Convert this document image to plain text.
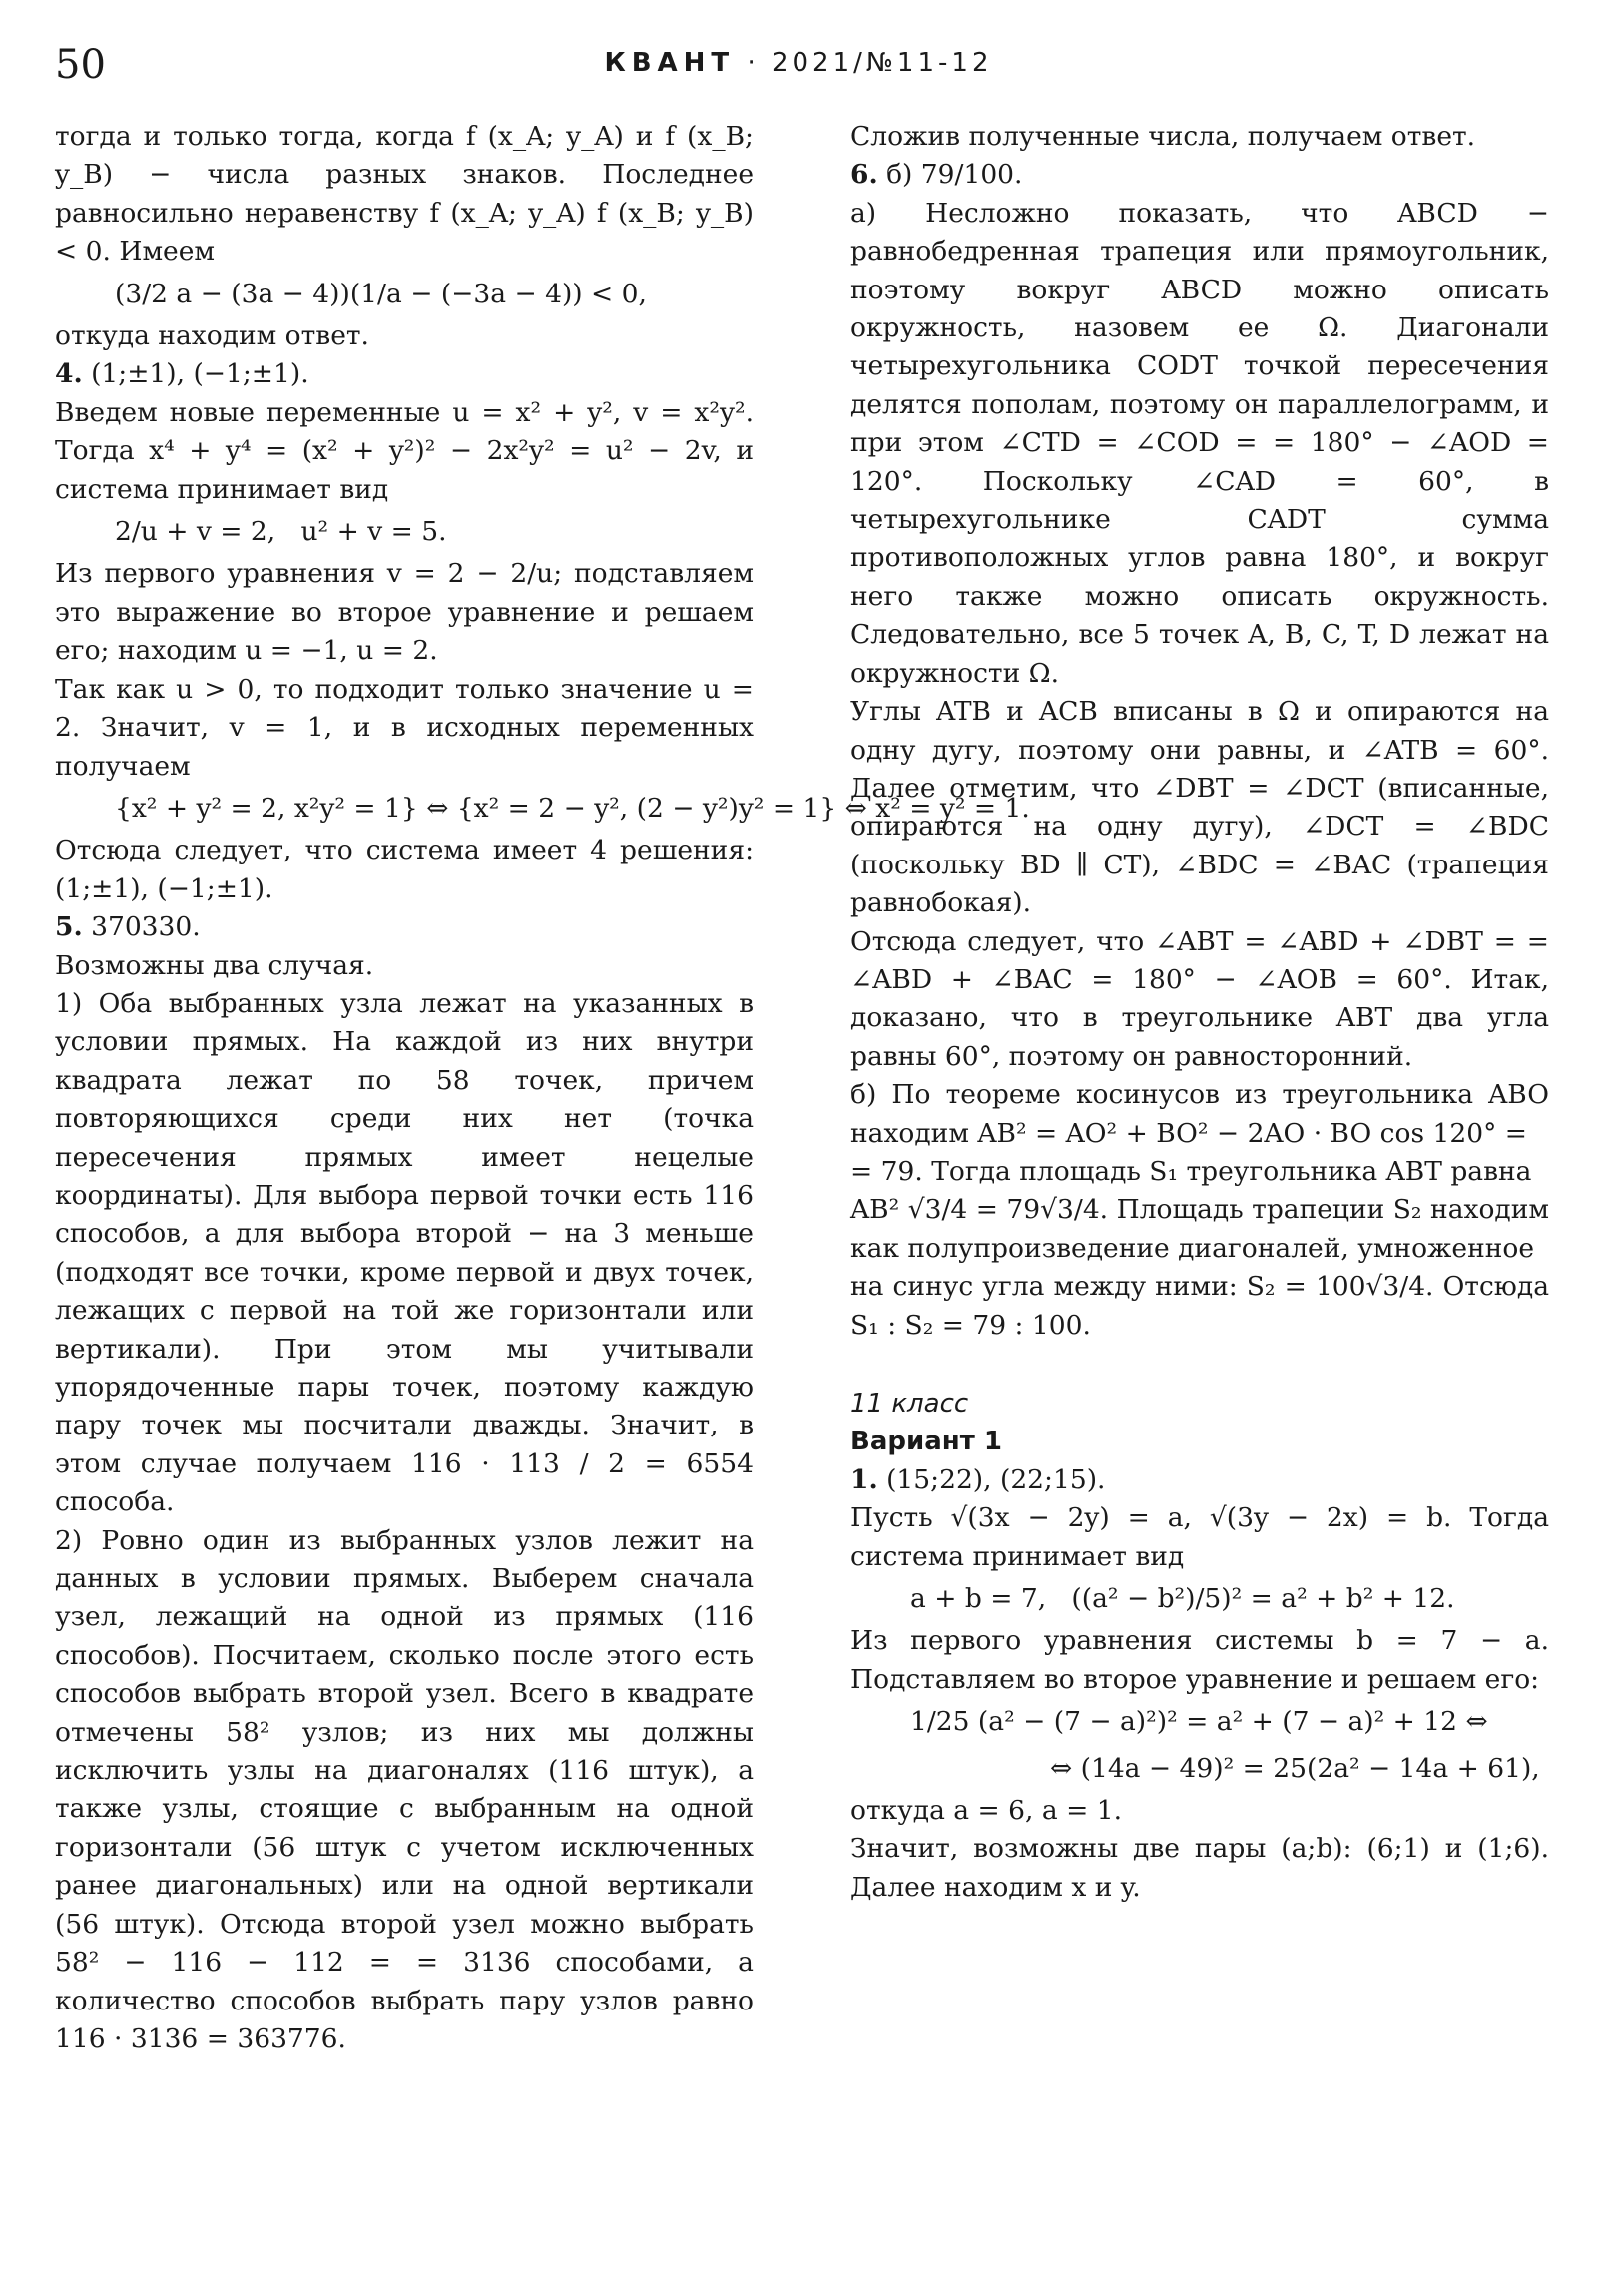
50	КВАНТ · 2021/№11-12

тогда и только тогда, когда f (x_A; y_A) и f (x_B; y_B) − числа разных знаков. Последнее равносильно неравенству f (x_A; y_A) f (x_B; y_B) < 0. Имеем

(3/2 a − (3a − 4))(1/a − (−3a − 4)) < 0,

откуда находим ответ.

4. (1;±1), (−1;±1).

Введем новые переменные u = x² + y², v = x²y². Тогда x⁴ + y⁴ = (x² + y²)² − 2x²y² = u² − 2v, и система принимает вид

2/u + v = 2,   u² + v = 5.

Из первого уравнения v = 2 − 2/u; подставляем это выражение во второе уравнение и решаем его; находим u = −1, u = 2.

Так как u > 0, то подходит только значение u = 2. Значит, v = 1, и в исходных переменных получаем

{x² + y² = 2, x²y² = 1} ⇔ {x² = 2 − y², (2 − y²)y² = 1} ⇔ x² = y² = 1.

Отсюда следует, что система имеет 4 решения: (1;±1), (−1;±1).

5. 370330.

Возможны два случая.

1) Оба выбранных узла лежат на указанных в условии прямых. На каждой из них внутри квадрата лежат по 58 точек, причем повторяющихся среди них нет (точка пересечения прямых имеет нецелые координаты). Для выбора первой точки есть 116 способов, а для выбора второй − на 3 меньше (подходят все точки, кроме первой и двух точек, лежащих с первой на той же горизонтали или вертикали). При этом мы учитывали упорядоченные пары точек, поэтому каждую пару точек мы посчитали дважды. Значит, в этом случае получаем 116 · 113 / 2 = 6554 способа.

2) Ровно один из выбранных узлов лежит на данных в условии прямых. Выберем сначала узел, лежащий на одной из прямых (116 способов). Посчитаем, сколько после этого есть способов выбрать второй узел. Всего в квадрате отмечены 58² узлов; из них мы должны исключить узлы на диагоналях (116 штук), а также узлы, стоящие с выбранным на одной горизонтали (56 штук с учетом исключенных ранее диагональных) или на одной вертикали (56 штук). Отсюда второй узел можно выбрать 58² − 116 − 112 = = 3136 способами, а количество способов выбрать пару узлов равно 116 · 3136 = 363776.

Сложив полученные числа, получаем ответ.

6. б) 79/100.

а) Несложно показать, что ABCD − равнобедренная трапеция или прямоугольник, поэтому вокруг ABCD можно описать окружность, назовем ее Ω. Диагонали четырехугольника CODT точкой пересечения делятся пополам, поэтому он параллелограмм, и при этом ∠CTD = ∠COD = = 180° − ∠AOD = 120°. Поскольку ∠CAD = 60°, в четырехугольнике CADT сумма противоположных углов равна 180°, и вокруг него также можно описать окружность. Следовательно, все 5 точек A, B, C, T, D лежат на окружности Ω.

Углы ATB и ACB вписаны в Ω и опираются на одну дугу, поэтому они равны, и ∠ATB = 60°. Далее отметим, что ∠DBT = ∠DCT (вписанные, опираются на одну дугу), ∠DCT = ∠BDC (поскольку BD ∥ CT), ∠BDC = ∠BAC (трапеция равнобокая).

Отсюда следует, что ∠ABT = ∠ABD + ∠DBT = = ∠ABD + ∠BAC = 180° − ∠AOB = 60°. Итак, доказано, что в треугольнике ABT два угла равны 60°, поэтому он равносторонний.

б) По теореме косинусов из треугольника ABO находим AB² = AO² + BO² − 2AO · BO cos 120° =

= 79. Тогда площадь S₁ треугольника ABT равна

AB² √3/4 = 79√3/4. Площадь трапеции S₂ находим как полупроизведение диагоналей, умноженное

на синус угла между ними: S₂ = 100√3/4. Отсюда S₁ : S₂ = 79 : 100.

11 класс

Вариант 1

1. (15;22), (22;15).

Пусть √(3x − 2y) = a, √(3y − 2x) = b. Тогда система принимает вид

a + b = 7,   ((a² − b²)/5)² = a² + b² + 12.

Из первого уравнения системы b = 7 − a. Подставляем во второе уравнение и решаем его:

1/25 (a² − (7 − a)²)² = a² + (7 − a)² + 12 ⇔
⇔ (14a − 49)² = 25(2a² − 14a + 61),

откуда a = 6, a = 1.

Значит, возможны две пары (a;b): (6;1) и (1;6). Далее находим x и y.
